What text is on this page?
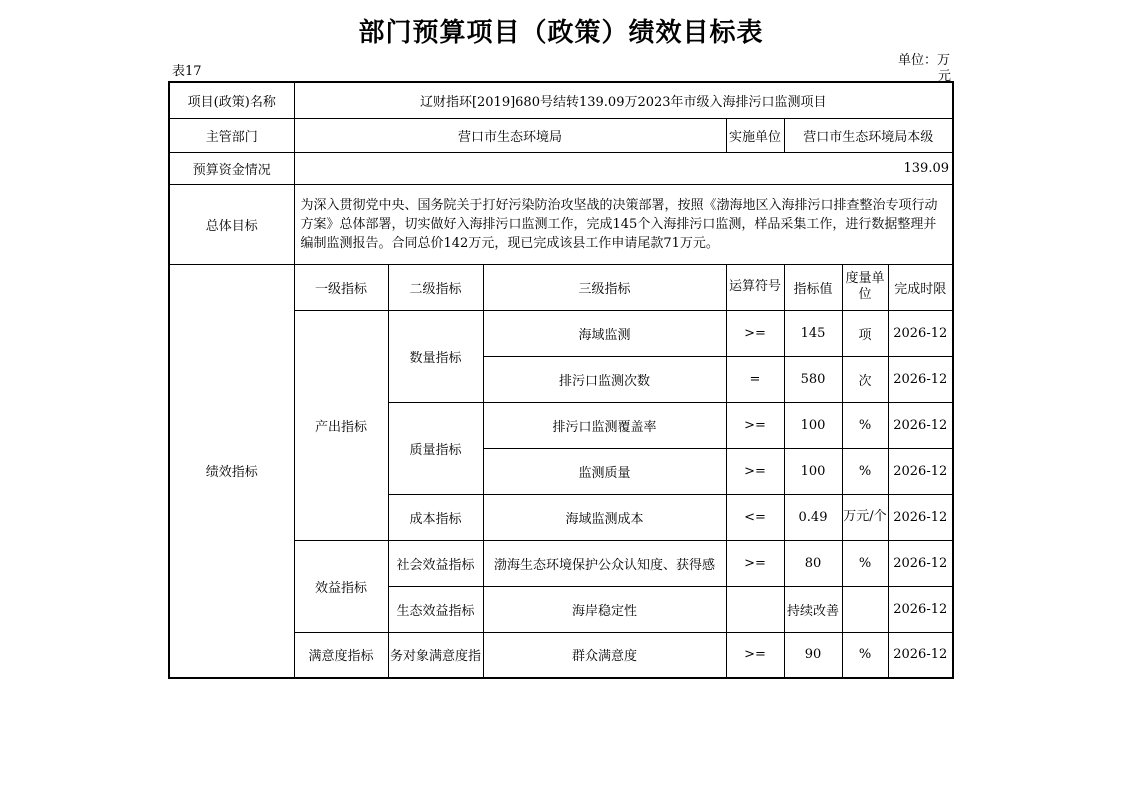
部门预算项目（政策）绩效目标表
表17
单位：万
元
项目(政策)名称	辽财指环[2019]680号结转139.09万2023年市级入海排污口监测项目						
主管部门	营口市生态环境局			实施单位	营口市生态环境局本级		
预算资金情况	139.09						
总体目标	为深入贯彻党中央、国务院关于打好污染防治攻坚战的决策部署，按照《渤海地区入海排污口排查整治专项行动方案》总体部署，切实做好入海排污口监测工作，完成145个入海排污口监测，样品采集工作，进行数据整理并编制监测报告。合同总价142万元，现已完成该县工作申请尾款71万元。						
绩效指标	一级指标	二级指标	三级指标	运算符号	指标值	度量单位	完成时限
	产出指标	数量指标	海域监测	>=	145	项	2026-12
			排污口监测次数	=	580	次	2026-12
		质量指标	排污口监测覆盖率	>=	100	%	2026-12
			监测质量	>=	100	%	2026-12
		成本指标	海域监测成本	<=	0.49	万元/个	2026-12
	效益指标	社会效益指标	渤海生态环境保护公众认知度、获得感	>=	80	%	2026-12
		生态效益指标	海岸稳定性		持续改善		2026-12
	满意度指标	务对象满意度指	群众满意度	>=	90	%	2026-12
